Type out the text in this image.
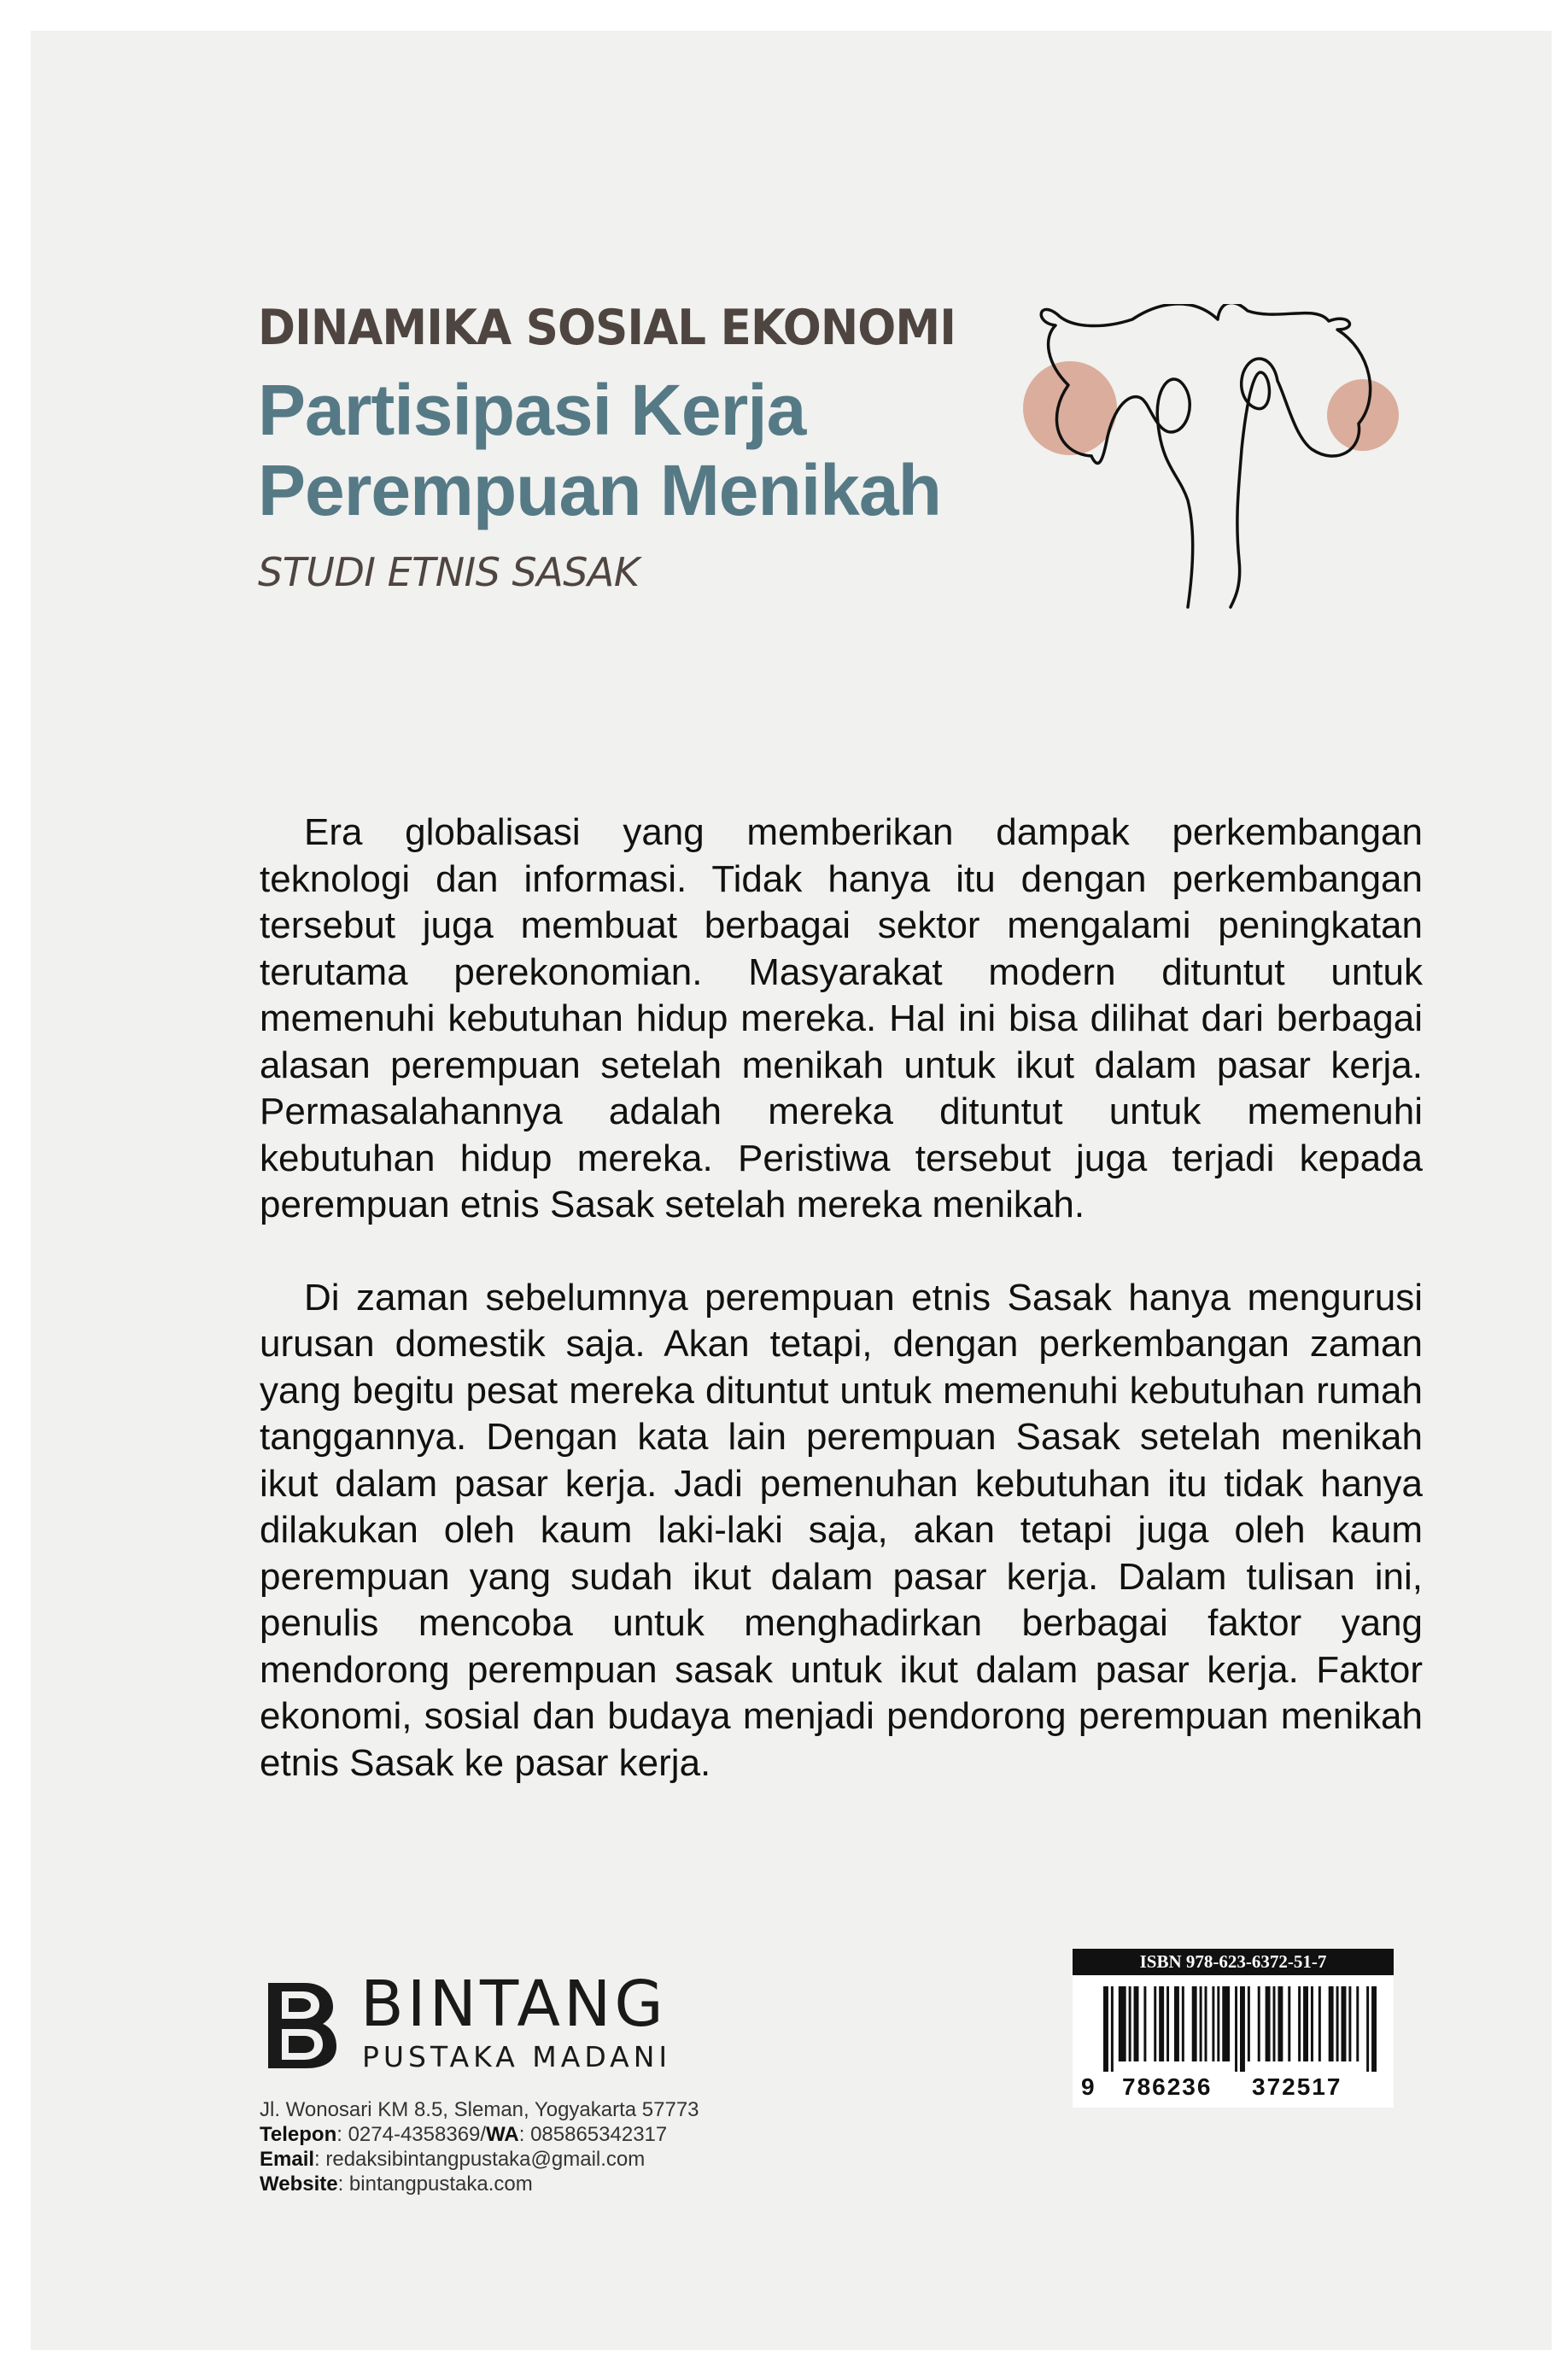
DINAMIKA SOSIAL EKONOMI
Partisipasi Kerja
Perempuan Menikah
STUDI ETNIS SASAK

Era globalisasi yang memberikan dampak perkembangan teknologi dan informasi. Tidak hanya itu dengan perkembangan tersebut juga membuat berbagai sektor mengalami peningkatan terutama perekonomian. Masyarakat modern dituntut untuk memenuhi kebutuhan hidup mereka. Hal ini bisa dilihat dari berbagai alasan perempuan setelah menikah untuk ikut dalam pasar kerja. Permasalahannya adalah mereka dituntut untuk memenuhi kebutuhan hidup mereka. Peristiwa tersebut juga terjadi kepada perempuan etnis Sasak setelah mereka menikah.

Di zaman sebelumnya perempuan etnis Sasak hanya mengurusi urusan domestik saja. Akan tetapi, dengan perkembangan zaman yang begitu pesat mereka dituntut untuk memenuhi kebutuhan rumah tanggannya. Dengan kata lain perempuan Sasak setelah menikah ikut dalam pasar kerja. Jadi pemenuhan kebutuhan itu tidak hanya dilakukan oleh kaum laki-laki saja, akan tetapi juga oleh kaum perempuan yang sudah ikut dalam pasar kerja. Dalam tulisan ini, penulis mencoba untuk menghadirkan berbagai faktor yang mendorong perempuan sasak untuk ikut dalam pasar kerja. Faktor ekonomi, sosial dan budaya menjadi pendorong perempuan menikah etnis Sasak ke pasar kerja.

BINTANG
PUSTAKA MADANI
Jl. Wonosari KM 8.5, Sleman, Yogyakarta 57773
Telepon: 0274-4358369/WA: 085865342317
Email: redaksibintangpustaka@gmail.com
Website: bintangpustaka.com
ISBN 978-623-6372-51-7
9 786236 372517
